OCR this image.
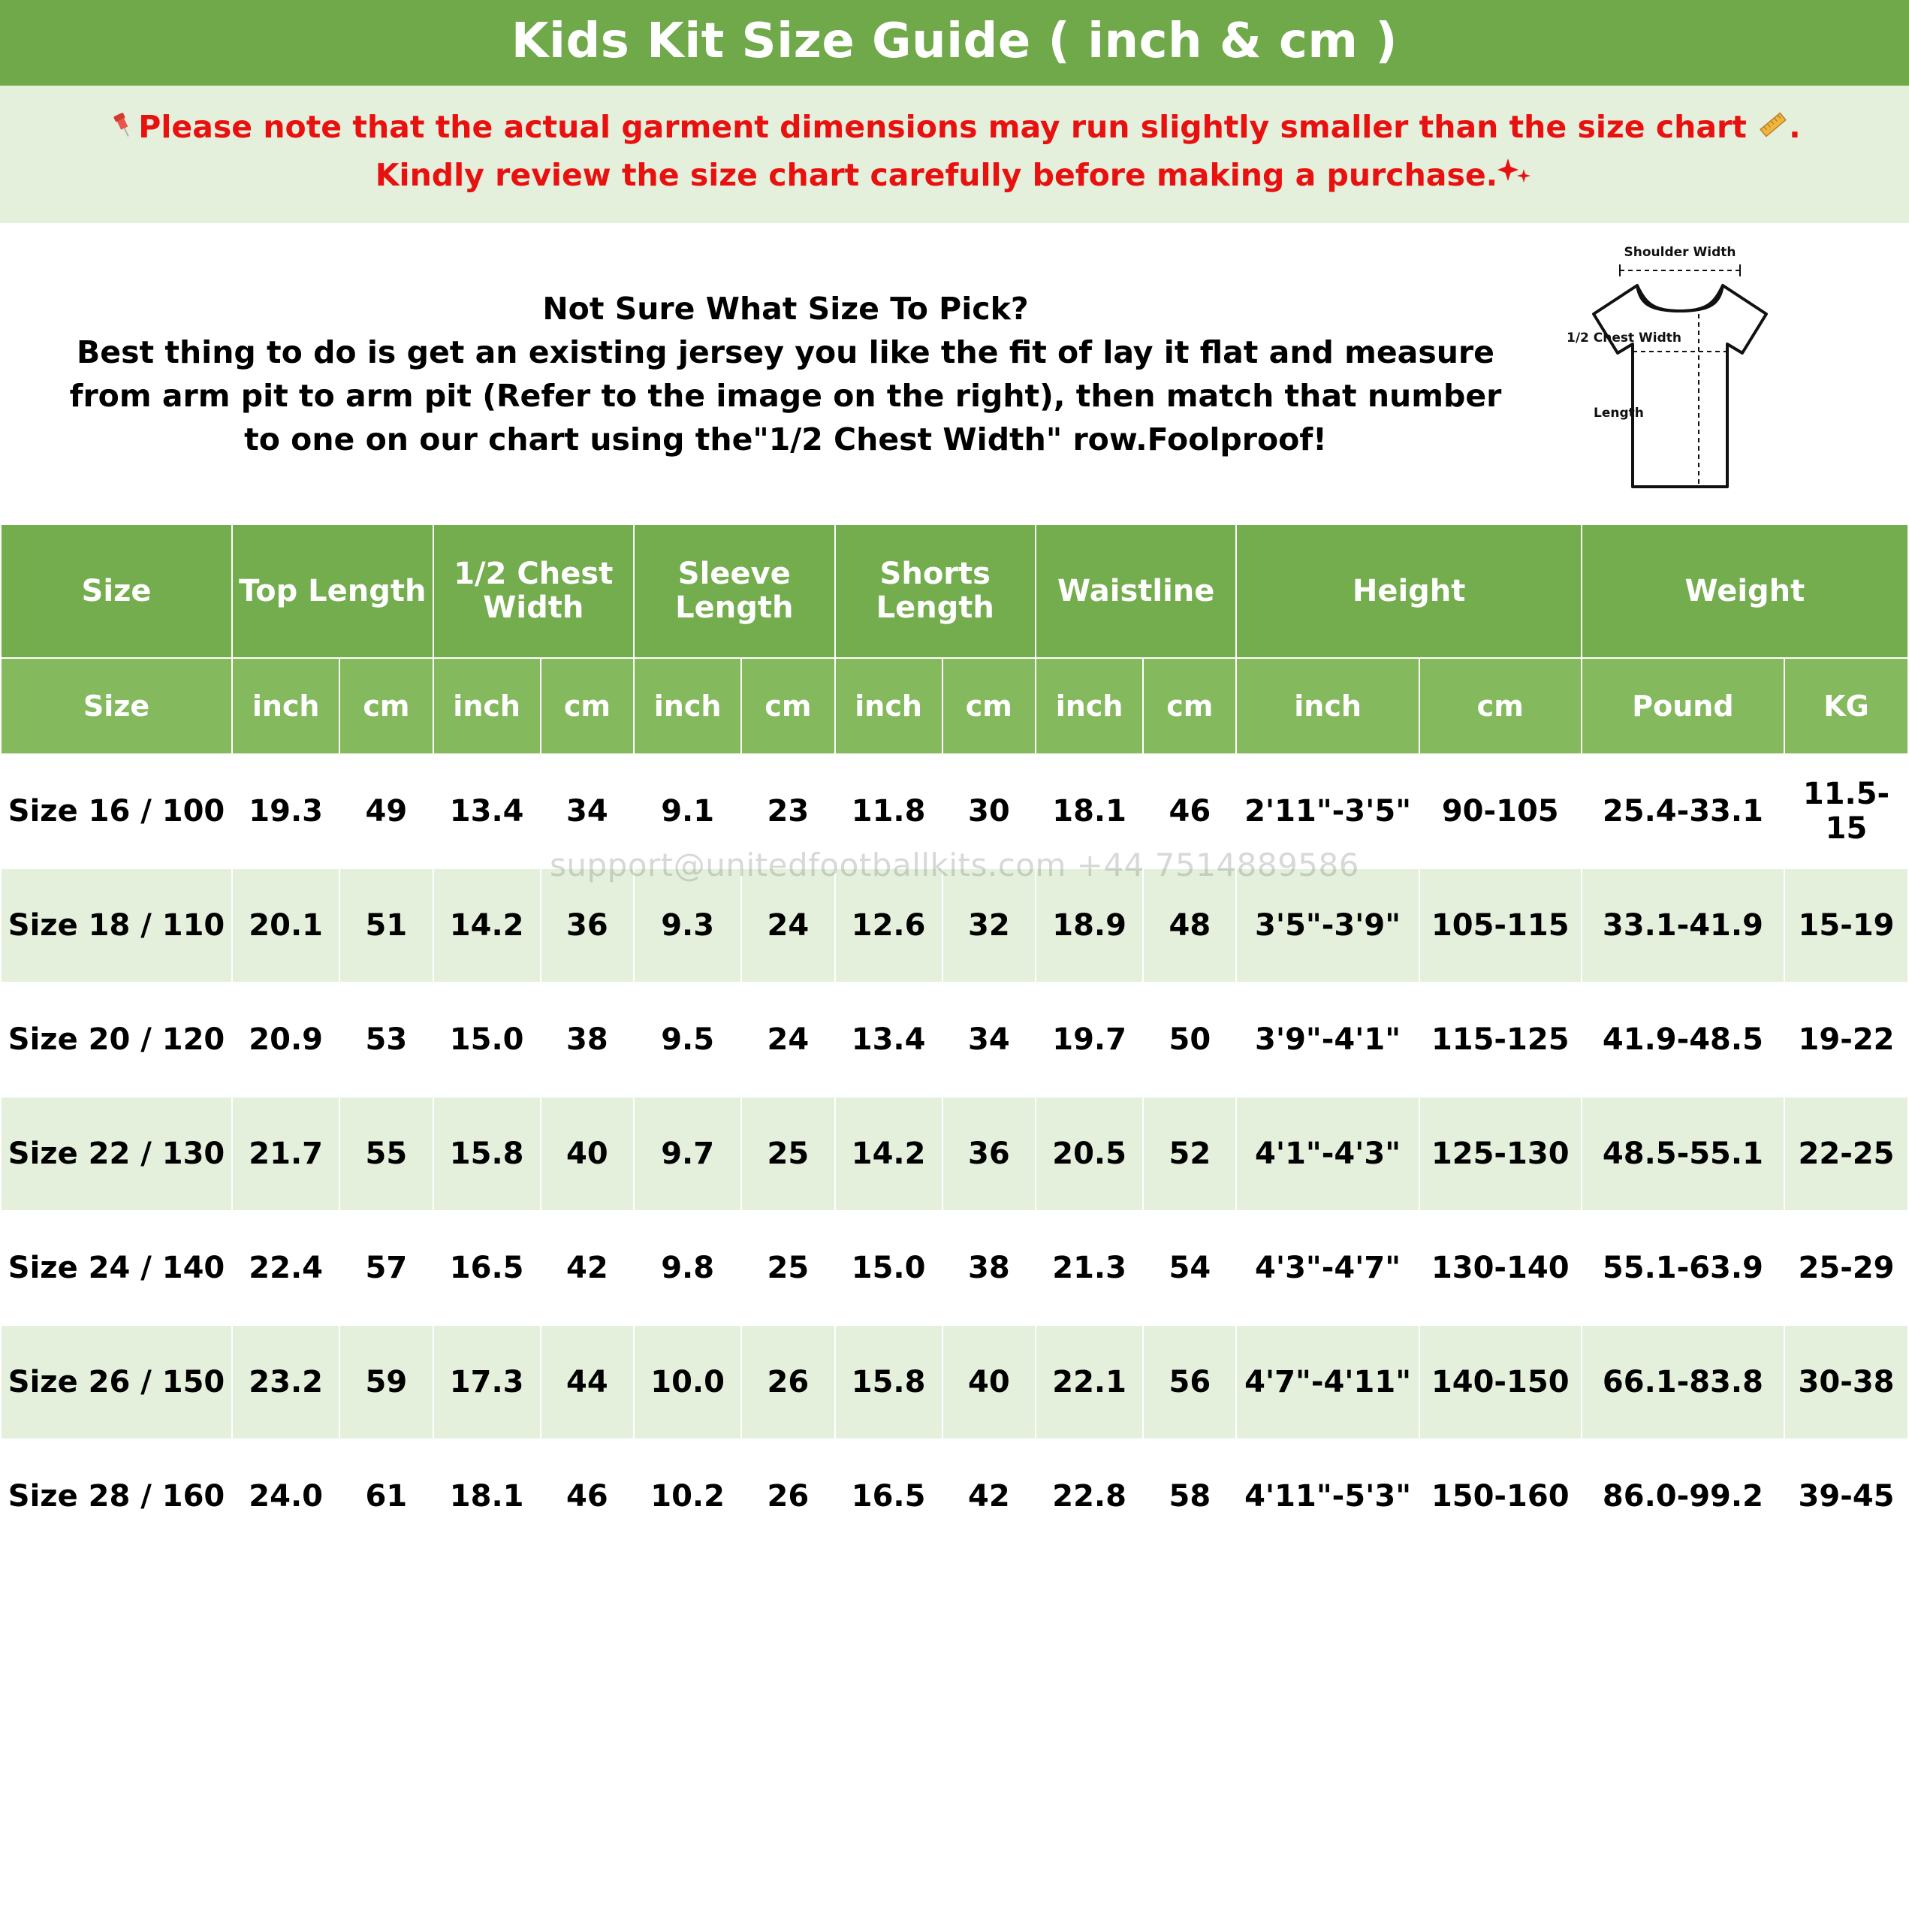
Kids Kit Size Guide ( inch & cm )
Please note that the actual garment dimensions may run slightly smaller than the size chart .
Kindly review the size chart carefully before making a purchase.
Not Sure What Size To Pick?
Best thing to do is get an existing jersey you like the fit of lay it flat and measure
from arm pit to arm pit (Refer to the image on the right), then match that number
to one on our chart using the"1/2 Chest Width" row.Foolproof!
Shoulder Width
1/2 Chest Width
Length
support@unitedfootballkits.com +44 7514889586
Size	Top Length		1/2 Chest Width		Sleeve Length		Shorts Length		Waistline		Height		Weight	
Size	inch	cm	inch	cm	inch	cm	inch	cm	inch	cm	inch	cm	Pound	KG
Size 16 / 100	19.3	49	13.4	34	9.1	23	11.8	30	18.1	46	2'11"-3'5"	90-105	25.4-33.1	11.5-15
Size 18 / 110	20.1	51	14.2	36	9.3	24	12.6	32	18.9	48	3'5"-3'9"	105-115	33.1-41.9	15-19
Size 20 / 120	20.9	53	15.0	38	9.5	24	13.4	34	19.7	50	3'9"-4'1"	115-125	41.9-48.5	19-22
Size 22 / 130	21.7	55	15.8	40	9.7	25	14.2	36	20.5	52	4'1"-4'3"	125-130	48.5-55.1	22-25
Size 24 / 140	22.4	57	16.5	42	9.8	25	15.0	38	21.3	54	4'3"-4'7"	130-140	55.1-63.9	25-29
Size 26 / 150	23.2	59	17.3	44	10.0	26	15.8	40	22.1	56	4'7"-4'11"	140-150	66.1-83.8	30-38
Size 28 / 160	24.0	61	18.1	46	10.2	26	16.5	42	22.8	58	4'11"-5'3"	150-160	86.0-99.2	39-45
